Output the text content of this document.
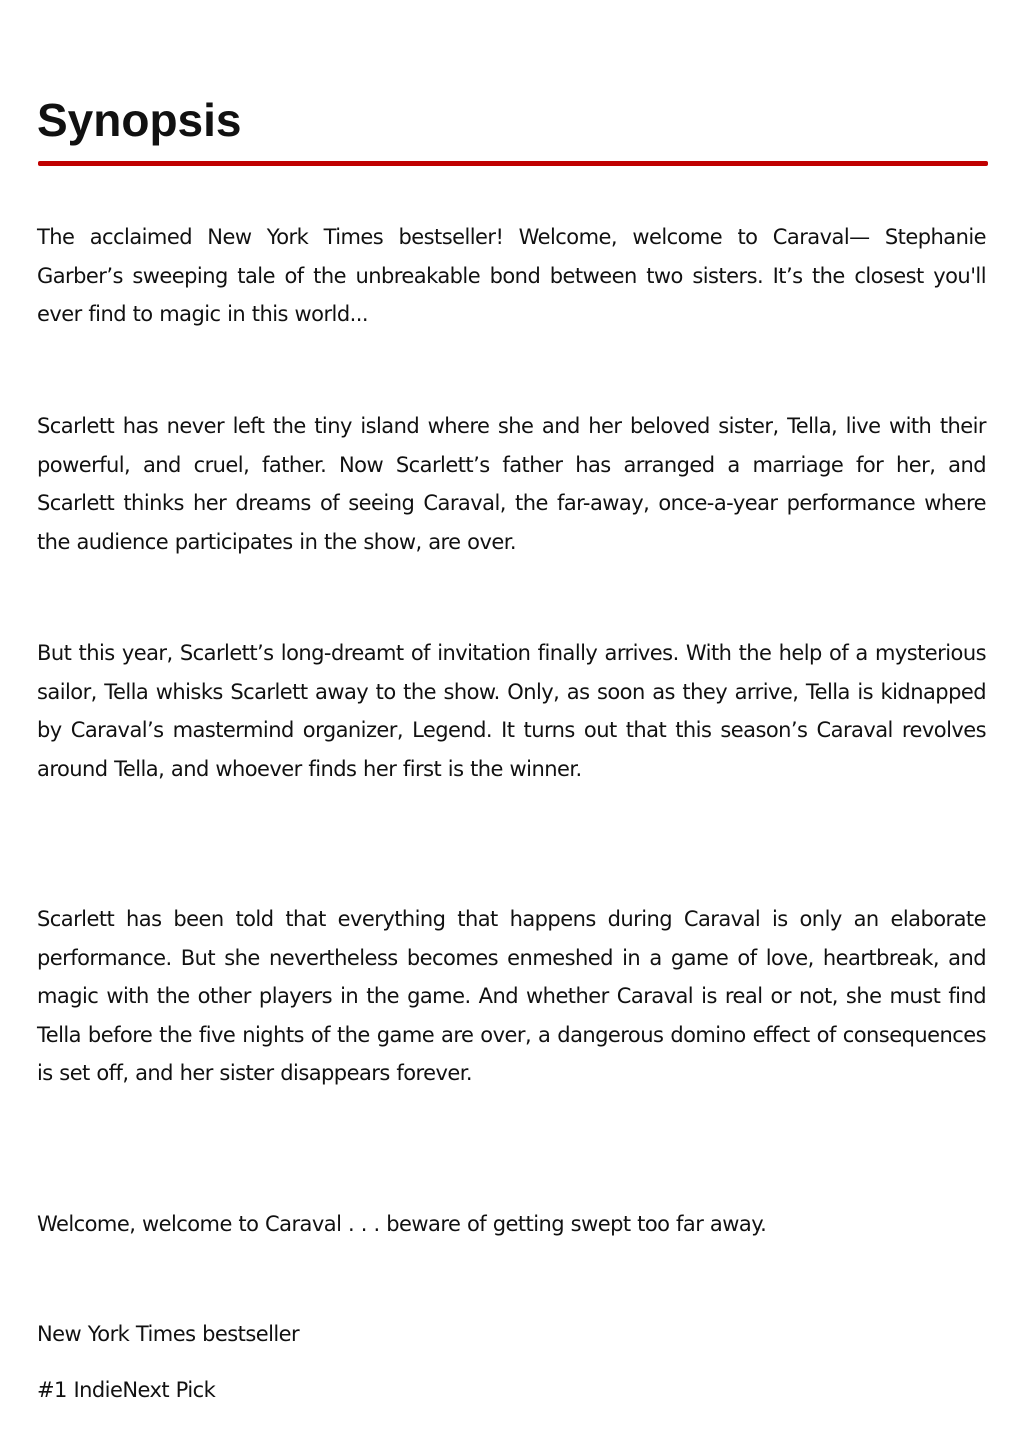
Synopsis

The acclaimed New York Times bestseller! Welcome, welcome to Caraval— Stephanie Garber’s sweeping tale of the unbreakable bond between two sisters. It’s the closest you'll ever find to magic in this world...

Scarlett has never left the tiny island where she and her beloved sister, Tella, live with their powerful, and cruel, father. Now Scarlett’s father has arranged a marriage for her, and Scarlett thinks her dreams of seeing Caraval, the far-away, once-a-year performance where the audience participates in the show, are over.

But this year, Scarlett’s long-dreamt of invitation finally arrives. With the help of a mysterious sailor, Tella whisks Scarlett away to the show. Only, as soon as they arrive, Tella is kidnapped by Caraval’s mastermind organizer, Legend. It turns out that this season’s Caraval revolves around Tella, and whoever finds her first is the winner.

Scarlett has been told that everything that happens during Caraval is only an elaborate performance. But she nevertheless becomes enmeshed in a game of love, heartbreak, and magic with the other players in the game. And whether Caraval is real or not, she must find Tella before the five nights of the game are over, a dangerous domino effect of consequences is set off, and her sister disappears forever.

Welcome, welcome to Caraval . . . beware of getting swept too far away.

New York Times bestseller

#1 IndieNext Pick
